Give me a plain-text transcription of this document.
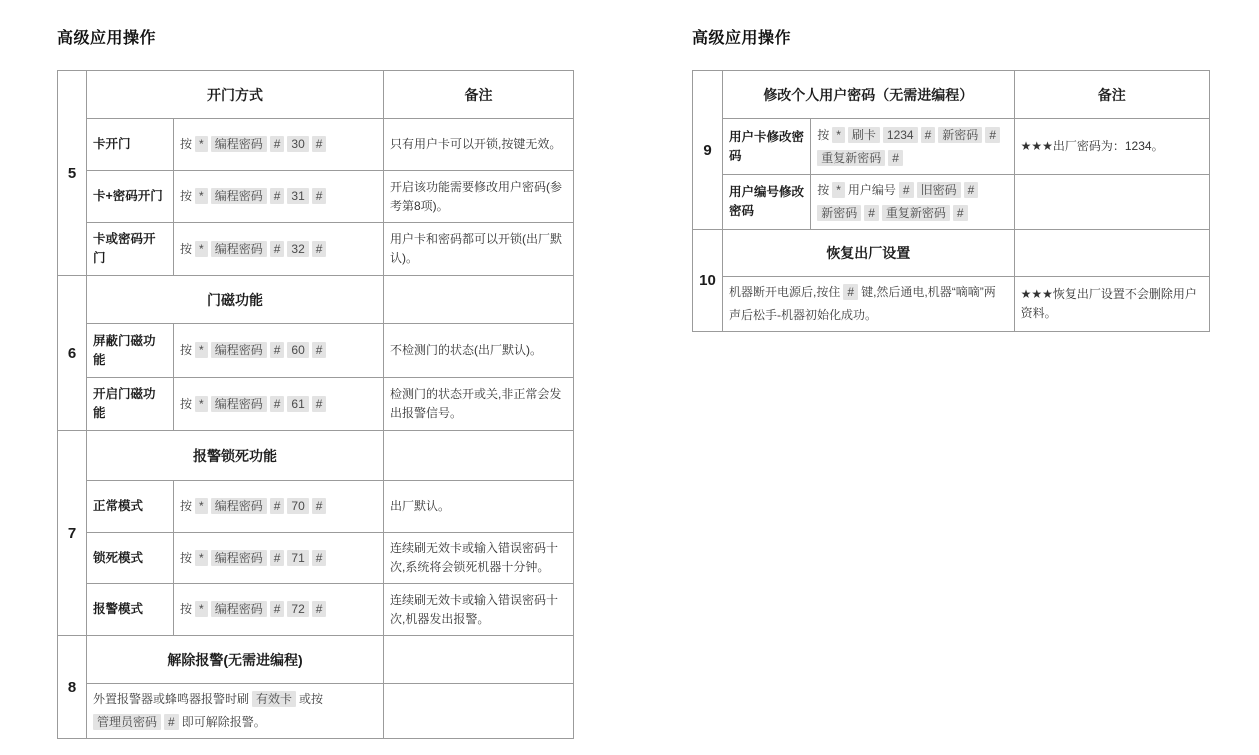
高级应用操作
5	开门方式		备注
	卡开门	按 * 编程密码 # 30 #	只有用户卡可以开锁,按键无效。
	卡+密码开门	按 * 编程密码 # 31 #	开启该功能需要修改用户密码(参考第8项)。
	卡或密码开门	按 * 编程密码 # 32 #	用户卡和密码都可以开锁(出厂默认)。
6	门磁功能		
	屏蔽门磁功能	按 * 编程密码 # 60 #	不检测门的状态(出厂默认)。
	开启门磁功能	按 * 编程密码 # 61 #	检测门的状态开或关,非正常会发出报警信号。
7	报警锁死功能		
	正常模式	按 * 编程密码 # 70 #	出厂默认。
	锁死模式	按 * 编程密码 # 71 #	连续刷无效卡或输入错误密码十次,系统将会锁死机器十分钟。
	报警模式	按 * 编程密码 # 72 #	连续刷无效卡或输入错误密码十次,机器发出报警。
8	解除报警(无需进编程)		
	外置报警器或蜂鸣器报警时刷 有效卡 或按管理员密码 # 即可解除报警。		
高级应用操作
9	修改个人用户密码（无需进编程）		备注
	用户卡修改密码	按 * 刷卡 1234 # 新密码 #重复新密码 #	★★★出厂密码为：1234。
	用户编号修改密码	按 * 用户编号 # 旧密码 #新密码 # 重复新密码 #	
10	恢复出厂设置		
	机器断开电源后,按住 # 键,然后通电,机器“嘀嘀”两声后松手-机器初始化成功。		★★★恢复出厂设置不会删除用户资料。
